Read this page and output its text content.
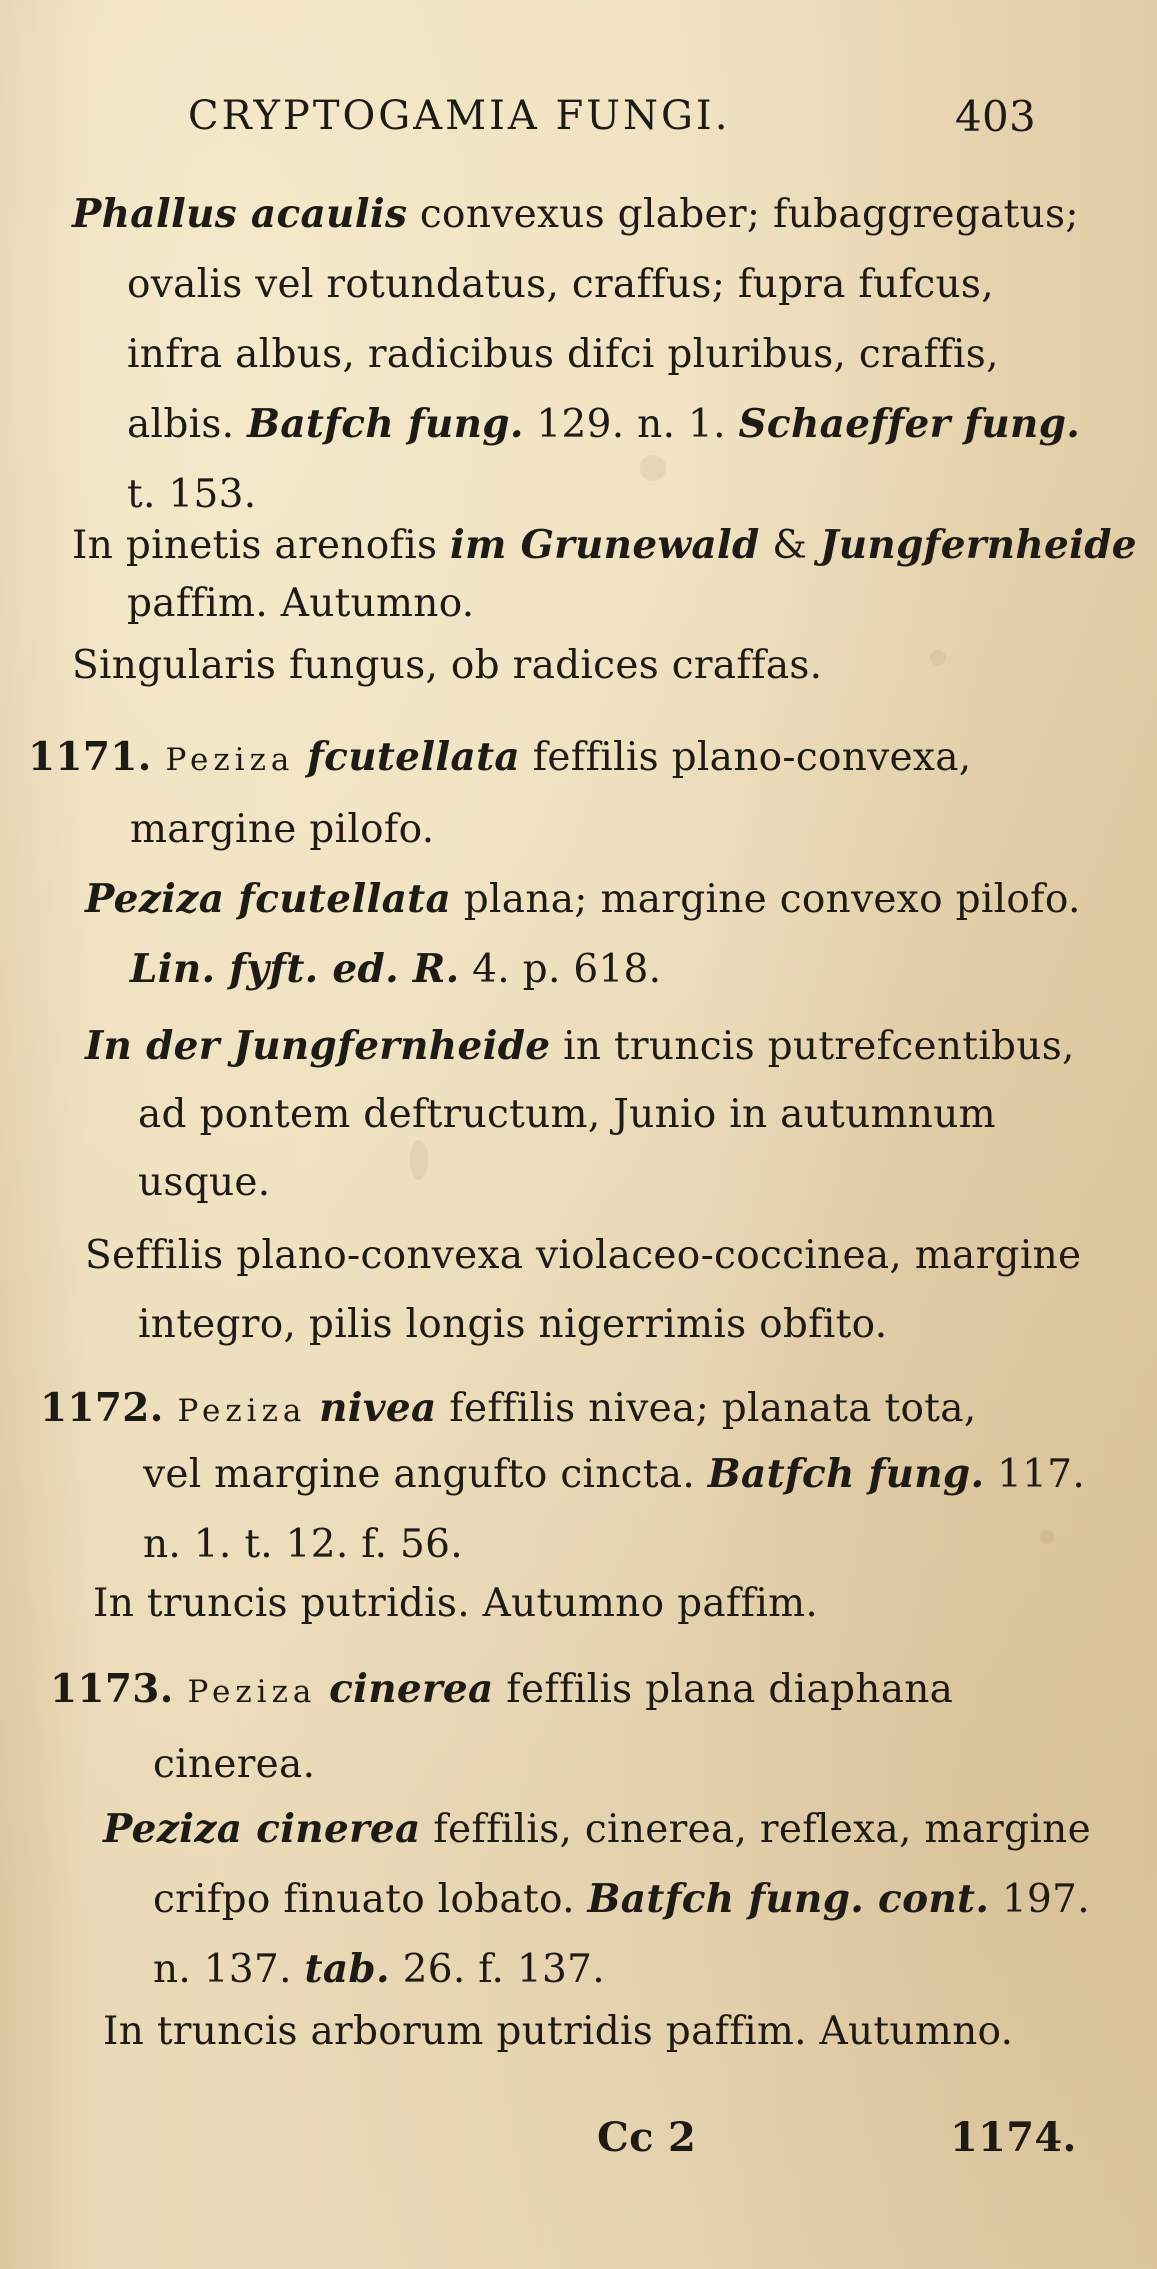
CRYPTOGAMIA FUNGI.	403
Phallus acaulis convexus glaber; fubaggregatus;
ovalis vel rotundatus, craffus; fupra fufcus,
infra albus, radicibus difci pluribus, craffis,
albis. Batfch fung. 129. n. 1. Schaeffer fung.
t. 153.
In pinetis arenofis im Grunewald & Jungfernheide
paffim. Autumno.
Singularis fungus, ob radices craffas.
1171. Peziza fcutellata feffilis plano-convexa,
margine pilofo.
Peziza fcutellata plana; margine convexo pilofo.
Lin. fyft. ed. R. 4. p. 618.
In der Jungfernheide in truncis putrefcentibus,
ad pontem deftructum, Junio in autumnum
usque.
Seffilis plano-convexa violaceo-coccinea, margine
integro, pilis longis nigerrimis obfito.
1172. Peziza nivea feffilis nivea; planata tota,
vel margine angufto cincta. Batfch fung. 117.
n. 1. t. 12. f. 56.
In truncis putridis. Autumno paffim.
1173. Peziza cinerea feffilis plana diaphana
cinerea.
Peziza cinerea feffilis, cinerea, reflexa, margine
crifpo finuato lobato. Batfch fung. cont. 197.
n. 137. tab. 26. f. 137.
In truncis arborum putridis paffim. Autumno.
Cc 2	1174.
